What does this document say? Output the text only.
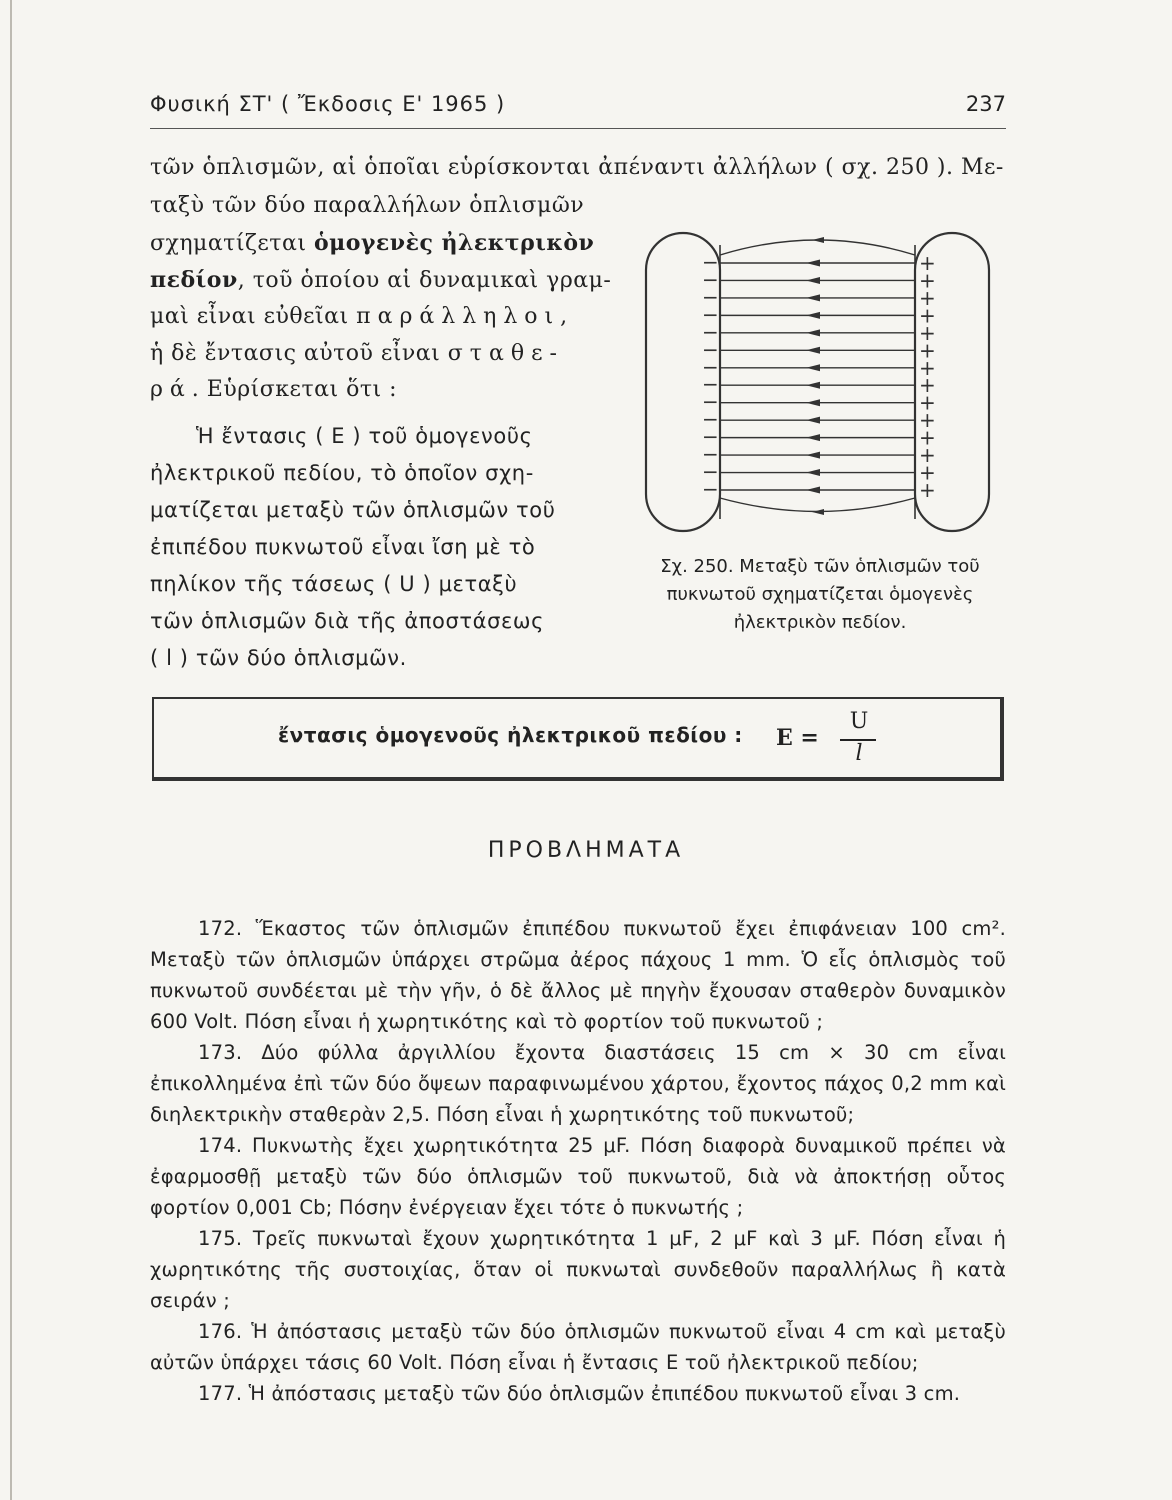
Φυσική ΣΤ' ( Ἔκδοσις Ε' 1965 )	237

τῶν ὁπλισμῶν, αἱ ὁποῖαι εὑρίσκονται ἀπέναντι ἀλλήλων ( σχ. 250 ). Με-

ταξὺ τῶν δύο παραλλήλων ὁπλισμῶν

σχηματίζεται ὁμογενὲς ἠλεκτρικὸν

πεδίον, τοῦ ὁποίου αἱ δυναμικαὶ γραμ-

μαὶ εἶναι εὐθεῖαι παράλληλοι,

ἡ δὲ ἔντασις αὐτοῦ εἶναι σταθε-

ρά. Εὑρίσκεται ὅτι :

Ἡ ἔντασις ( Ε ) τοῦ ὁμογενοῦς

ἠλεκτρικοῦ πεδίου, τὸ ὁποῖον σχη-

ματίζεται μεταξὺ τῶν ὁπλισμῶν τοῦ

ἐπιπέδου πυκνωτοῦ εἶναι ἴση μὲ τὸ

πηλίκον τῆς τάσεως ( U ) μεταξὺ

τῶν ὁπλισμῶν διὰ τῆς ἀποστάσεως

( l ) τῶν δύο ὁπλισμῶν.

−	+
−	+
−	+
−	+
−	+
−	+
−	+
−	+
−	+
−	+
−	+
−	+
−	+
−	+
Σχ. 250. Μεταξὺ τῶν ὁπλισμῶν τοῦ
πυκνωτοῦ σχηματίζεται ὁμογενὲς
ἠλεκτρικὸν πεδίον.
ἔντασις ὁμογενοῦς ἠλεκτρικοῦ πεδίου : E =
U
l
ΠΡΟΒΛΗΜΑΤΑ

172. Ἕκαστος τῶν ὁπλισμῶν ἐπιπέδου πυκνωτοῦ ἔχει ἐπιφάνειαν 100 cm². Μεταξὺ τῶν ὁπλισμῶν ὑπάρχει στρῶμα ἀέρος πάχους 1 mm. Ὁ εἷς ὁπλισμὸς τοῦ πυκνωτοῦ συνδέεται μὲ τὴν γῆν, ὁ δὲ ἄλλος μὲ πηγὴν ἔχουσαν σταθερὸν δυναμικὸν 600 Volt. Πόση εἶναι ἡ χωρητικότης καὶ τὸ φορτίον τοῦ πυκνωτοῦ ;

173. Δύο φύλλα ἀργιλλίου ἔχοντα διαστάσεις 15 cm × 30 cm εἶναι ἐπικολλημένα ἐπὶ τῶν δύο ὄψεων παραφινωμένου χάρτου, ἔχοντος πάχος 0,2 mm καὶ διηλεκτρικὴν σταθερὰν 2,5. Πόση εἶναι ἡ χωρητικότης τοῦ πυκνωτοῦ;

174. Πυκνωτὴς ἔχει χωρητικότητα 25 μF. Πόση διαφορὰ δυναμικοῦ πρέπει νὰ ἐφαρμοσθῇ μεταξὺ τῶν δύο ὁπλισμῶν τοῦ πυκνωτοῦ, διὰ νὰ ἀποκτήσῃ οὗτος φορτίον 0,001 Cb; Πόσην ἐνέργειαν ἔχει τότε ὁ πυκνωτής ;

175. Τρεῖς πυκνωταὶ ἔχουν χωρητικότητα 1 μF, 2 μF καὶ 3 μF. Πόση εἶναι ἡ χωρητικότης τῆς συστοιχίας, ὅταν οἱ πυκνωταὶ συνδεθοῦν παραλλήλως ἢ κατὰ σειράν ;

176. Ἡ ἀπόστασις μεταξὺ τῶν δύο ὁπλισμῶν πυκνωτοῦ εἶναι 4 cm καὶ μεταξὺ αὐτῶν ὑπάρχει τάσις 60 Volt. Πόση εἶναι ἡ ἔντασις Ε τοῦ ἠλεκτρικοῦ πεδίου;

177. Ἡ ἀπόστασις μεταξὺ τῶν δύο ὁπλισμῶν ἐπιπέδου πυκνωτοῦ εἶναι 3 cm.
